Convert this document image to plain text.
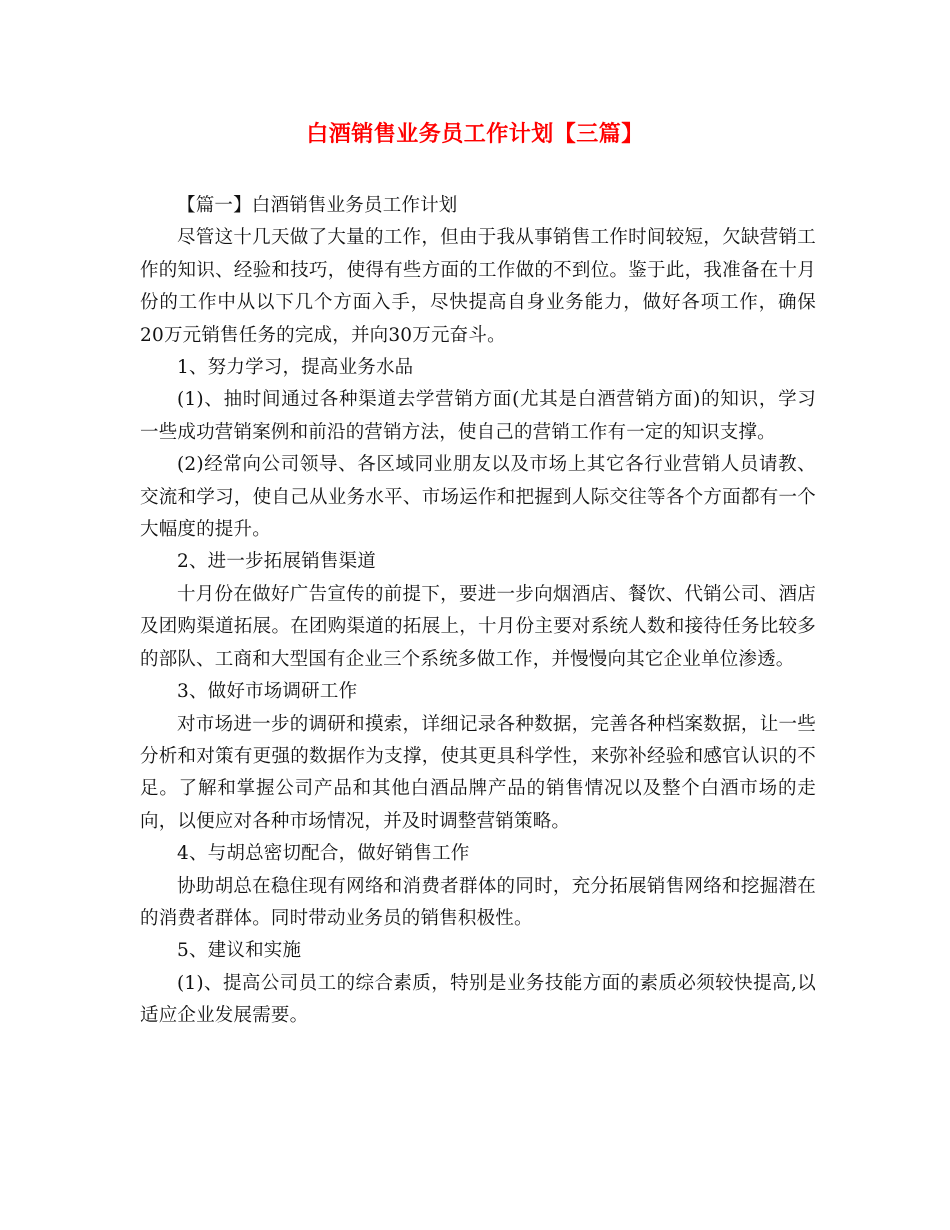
白酒销售业务员工作计划【三篇】

【篇一】白酒销售业务员工作计划

尽管这十几天做了大量的工作，但由于我从事销售工作时间较短，欠缺营销工作的知识、经验和技巧，使得有些方面的工作做的不到位。鉴于此，我准备在十月份的工作中从以下几个方面入手，尽快提高自身业务能力，做好各项工作，确保20万元销售任务的完成，并向30万元奋斗。

1、努力学习，提高业务水品

(1)、抽时间通过各种渠道去学营销方面(尤其是白酒营销方面)的知识，学习一些成功营销案例和前沿的营销方法，使自己的营销工作有一定的知识支撑。

(2)经常向公司领导、各区域同业朋友以及市场上其它各行业营销人员请教、交流和学习，使自己从业务水平、市场运作和把握到人际交往等各个方面都有一个大幅度的提升。

2、进一步拓展销售渠道

十月份在做好广告宣传的前提下，要进一步向烟酒店、餐饮、代销公司、酒店及团购渠道拓展。在团购渠道的拓展上，十月份主要对系统人数和接待任务比较多的部队、工商和大型国有企业三个系统多做工作，并慢慢向其它企业单位渗透。

3、做好市场调研工作

对市场进一步的调研和摸索，详细记录各种数据，完善各种档案数据，让一些分析和对策有更强的数据作为支撑，使其更具科学性，来弥补经验和感官认识的不足。了解和掌握公司产品和其他白酒品牌产品的销售情况以及整个白酒市场的走向，以便应对各种市场情况，并及时调整营销策略。

4、与胡总密切配合，做好销售工作

协助胡总在稳住现有网络和消费者群体的同时，充分拓展销售网络和挖掘潜在的消费者群体。同时带动业务员的销售积极性。

5、建议和实施

(1)、提高公司员工的综合素质，特别是业务技能方面的素质必须较快提高,以适应企业发展需要。
